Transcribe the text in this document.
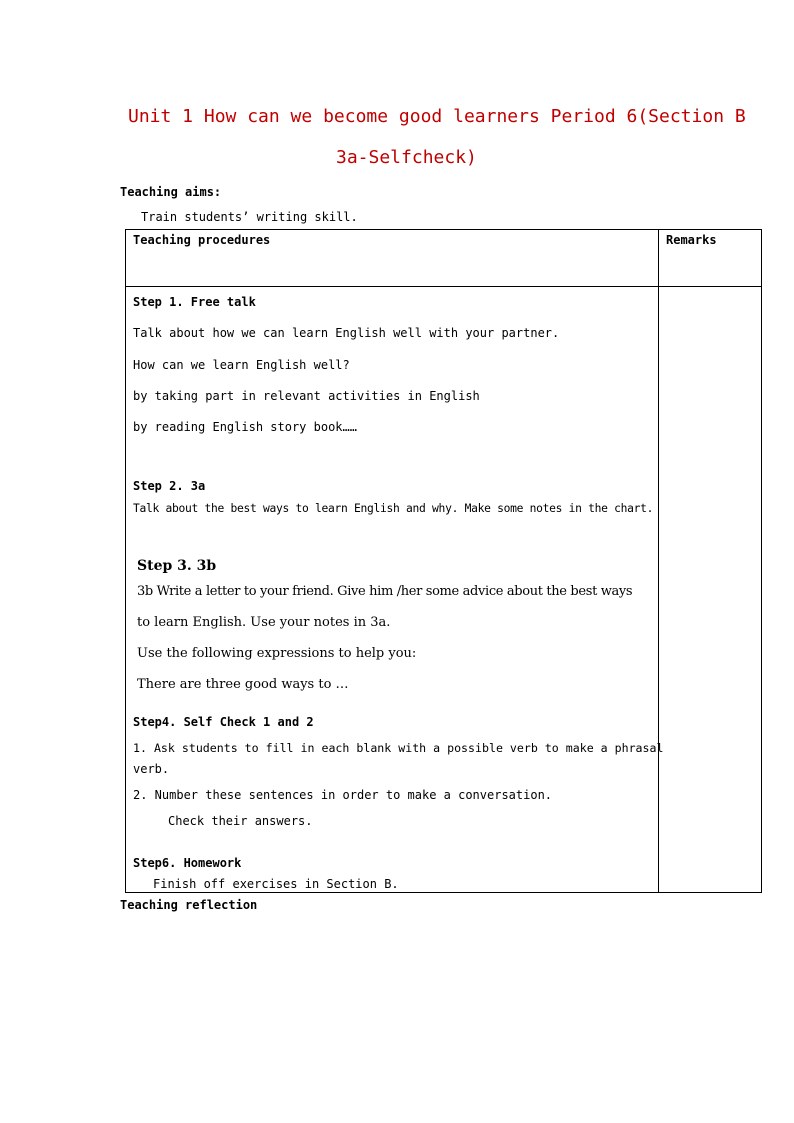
Unit 1 How can we become good learners Period 6(Section B
3a-Selfcheck)
Teaching aims:
Train students’ writing skill.
Teaching procedures	Remarks
Step 1. Free talk
Talk about how we can learn English well with your partner.
How can we learn English well?
by taking part in relevant activities in English
by reading English story book……
Step 2. 3a
Talk about the best ways to learn English and why. Make some notes in the chart.
Step 3. 3b
3b Write a letter to your friend. Give him /her some advice about the best ways
to learn English. Use your notes in 3a.
Use the following expressions to help you:
There are three good ways to …
Step4. Self Check 1 and 2
1. Ask students to fill in each blank with a possible verb to make a phrasal
verb.
2. Number these sentences in order to make a conversation.
Check their answers.
Step6. Homework
Finish off exercises in Section B.
Teaching reflection
